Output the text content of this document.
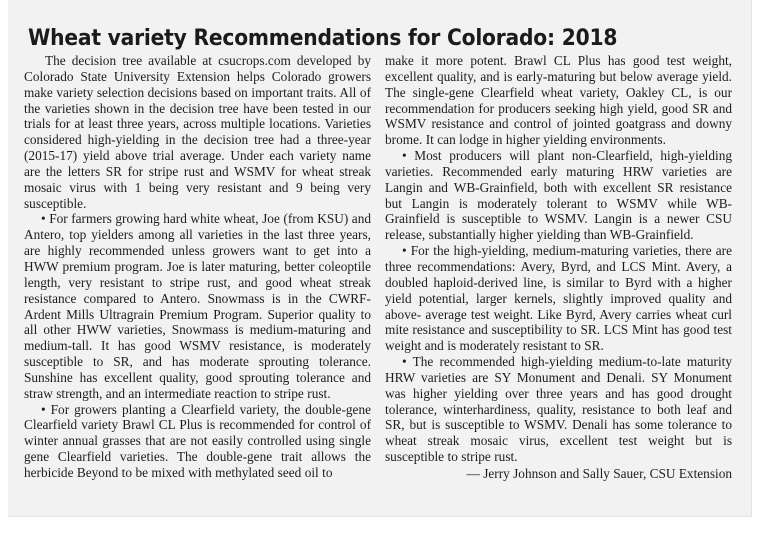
Wheat variety Recommendations for Colorado: 2018

The decision tree available at csucrops.com developed by Colorado State University Extension helps Colorado growers make variety selection decisions based on important traits. All of the varieties shown in the decision tree have been tested in our trials for at least three years, across multiple locations. Varieties considered high-yielding in the decision tree had a three-year (2015-17) yield above trial average. Under each variety name are the letters SR for stripe rust and WSMV for wheat streak mosaic virus with 1 being very resistant and 9 being very susceptible.

• For farmers growing hard white wheat, Joe (from KSU) and Antero, top yielders among all varieties in the last three years, are highly recommended unless growers want to get into a HWW premium program. Joe is later maturing, better coleoptile length, very resistant to stripe rust, and good wheat streak resistance compared to Antero. Snowmass is in the CWRF-Ardent Mills Ultragrain Premium Program. Superior quality to all other HWW varieties, Snowmass is medium-maturing and medium-tall. It has good WSMV resistance, is moderately susceptible to SR, and has moderate sprouting tolerance. Sunshine has excellent quality, good sprouting tolerance and straw strength, and an intermediate reaction to stripe rust.

• For growers planting a Clearfield variety, the double-gene Clearfield variety Brawl CL Plus is recommended for control of winter annual grasses that are not easily controlled using single gene Clearfield varieties. The double-gene trait allows the herbicide Beyond to be mixed with methylated seed oil to

make it more potent. Brawl CL Plus has good test weight, excellent quality, and is early-maturing but below average yield. The single-gene Clearfield wheat variety, Oakley CL, is our recommendation for producers seeking high yield, good SR and WSMV resistance and control of jointed goatgrass and downy brome. It can lodge in higher yielding environments.

• Most producers will plant non-Clearfield, high-yielding varieties. Recommended early maturing HRW varieties are Langin and WB-Grainfield, both with excellent SR resistance but Langin is moderately tolerant to WSMV while WB-Grainfield is susceptible to WSMV. Langin is a newer CSU release, substantially higher yielding than WB-Grainfield.

• For the high-yielding, medium-maturing varieties, there are three recommendations: Avery, Byrd, and LCS Mint. Avery, a doubled haploid-derived line, is similar to Byrd with a higher yield potential, larger kernels, slightly improved quality and above- average test weight. Like Byrd, Avery carries wheat curl mite resistance and susceptibility to SR. LCS Mint has good test weight and is moderately resistant to SR.

• The recommended high-yielding medium-to-late maturity HRW varieties are SY Monument and Denali. SY Monument was higher yielding over three years and has good drought tolerance, winterhardiness, quality, resistance to both leaf and SR, but is susceptible to WSMV. Denali has some tolerance to wheat streak mosaic virus, excellent test weight but is susceptible to stripe rust.

— Jerry Johnson and Sally Sauer, CSU Extension
